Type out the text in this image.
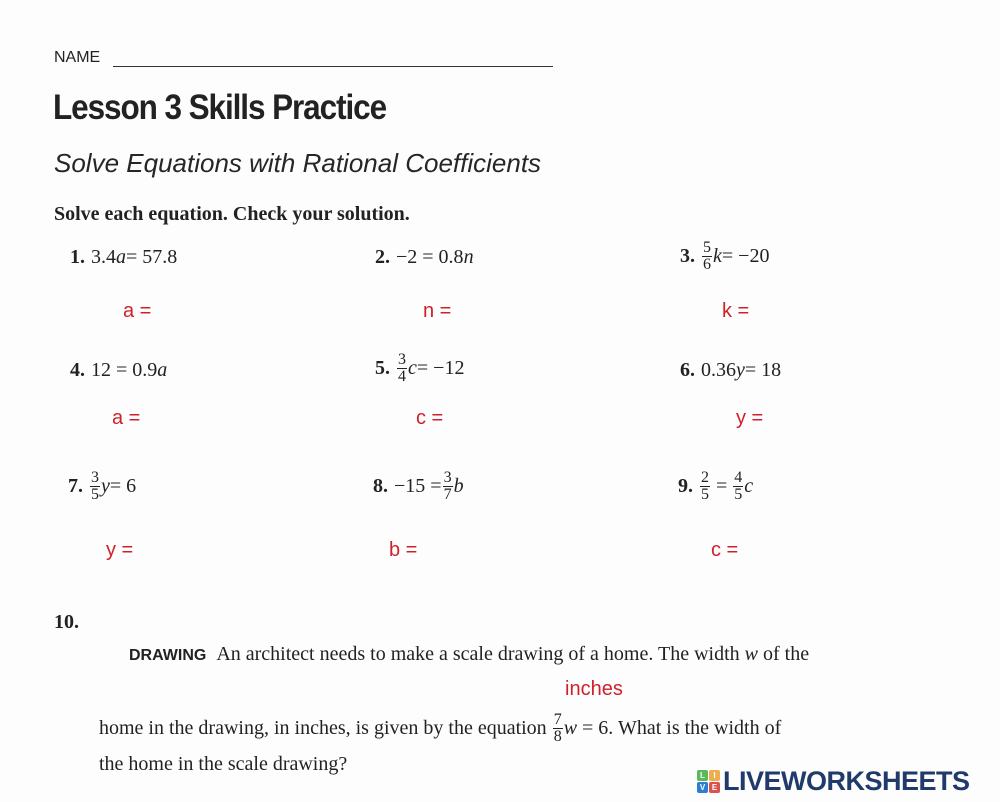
NAME
Lesson 3 Skills Practice
Solve Equations with Rational Coefficients
Solve each equation. Check your solution.
1. 3.4 a = 57.8
a =
2. −2 = 0.8 n
n =
3. $\frac{5}{6}$ k = −20
k =
4. 12 = 0.9 a
a =
5. $\frac{3}{4}$ c = −12
c =
6. 0.36 y = 18
y =
7. $\frac{3}{5}$ y = 6
y =
8. $-15 = \frac{3}{7}$ b
b =
9. $\frac{2}{5} = \frac{4}{5}$ c
c =
10.

DRAWING An architect needs to make a scale drawing of a home. The width w of the

home in the drawing, in inches, is given by the equation $\frac{7}{8}$ w = 6. What is the width of
the home in the scale drawing?
inches
L	I
V E LIVEWORKSHEETS
